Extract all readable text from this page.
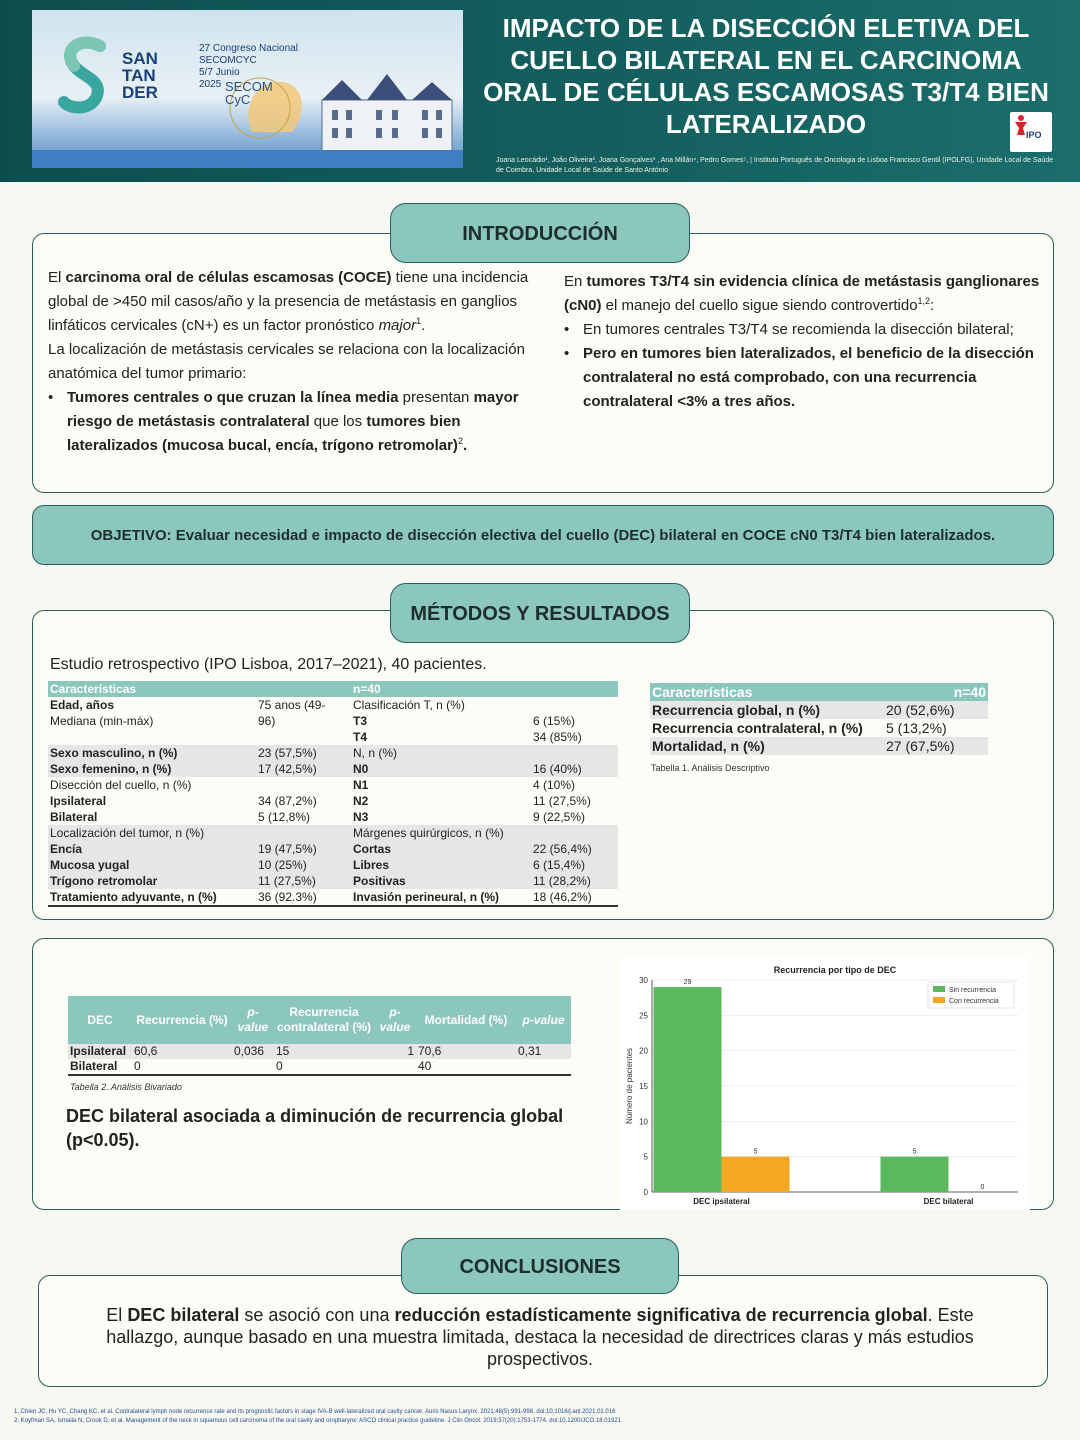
SAN
TAN
DER
27 Congreso Nacional
SECOMCYC
5/7 Junio
2025 SECOM
CyC
IMPACTO DE LA DISECCIÓN ELETIVA DEL CUELLO BILATERAL EN EL CARCINOMA ORAL DE CÉLULAS ESCAMOSAS T3/T4 BIEN LATERALIZADO	IPO
Joana Leocádio¹, João Oliveira², Joana Gonçalves³ , Ana Millán⁴, Pedro Gomes⁵, | Instituto Português de Oncologia de Lisboa Francisco Gentil (IPOLFG), Unidade Local de Saúde de Coimbra, Unidade Local de Saúde de Santo António
INTRODUCCIÓN

El carcinoma oral de células escamosas (COCE) tiene una incidencia global de >450 mil casos/año y la presencia de metástasis en ganglios linfáticos cervicales (cN+) es un factor pronóstico major$^1$.

La localización de metástasis cervicales se relaciona con la localización anatómica del tumor primario:

• Tumores centrales o que cruzan la línea media presentan mayor riesgo de metástasis contralateral que los tumores bien lateralizados (mucosa bucal, encía, trígono retromolar)$^2$.

En tumores T3/T4 sin evidencia clínica de metástasis ganglionares (cN0) el manejo del cuello sigue siendo controvertido$^{1,2}$:

• En tumores centrales T3/T4 se recomienda la disección bilateral;
• Pero en tumores bien lateralizados, el beneficio de la disección contralateral no está comprobado, con una recurrencia contralateral <3% a tres años.
OBJETIVO: Evaluar necesidad e impacto de disección electiva del cuello (DEC) bilateral en COCE cN0 T3/T4 bien lateralizados.
MÉTODOS Y RESULTADOS
Estudio retrospectivo (IPO Lisboa, 2017–2021), 40 pacientes.
Características		n=40	
Edad, años	75 anos (49-	Clasificación T, n (%)	
Mediana (min-máx)	96)	T3	6 (15%)
		T4	34 (85%)
Sexo masculino, n (%)	23 (57,5%)	N, n (%)	
Sexo femenino, n (%)	17 (42,5%)	N0	16 (40%)
Disección del cuello, n (%)		N1	4 (10%)
Ipsilateral	34 (87,2%)	N2	11 (27,5%)
Bilateral	5 (12,8%)	N3	9 (22,5%)
Localización del tumor, n (%)		Márgenes quirúrgicos, n (%)	
Encía	19 (47,5%)	Cortas	22 (56,4%)
Mucosa yugal	10 (25%)	Libres	6 (15,4%)
Trígono retromolar	11 (27,5%)	Positivas	11 (28,2%)
Tratamiento adyuvante, n (%)	36 (92.3%)	Invasión perineural, n (%)	18 (46,2%)
Características	n=40
Recurrencia global, n (%)	20 (52,6%)
Recurrencia contralateral, n (%)	5 (13,2%)
Mortalidad, n (%)	27 (67,5%)
Tabella 1. Análisis Descriptivo
DEC	Recurrencia (%)	p-value	Recurrencia contralateral (%)	p-value	Mortalidad (%)	p-value
Ipsilateral	60,6	0,036	15	1	70,6	0,31
Bilateral	0		0		40	
Tabella 2. Análisis Bivariado
DEC bilateral asociada a diminución de recurrencia global (p<0.05).
Recurrencia por tipo de DEC
0
5
10
15
20
25
30
Número de pacientes
29
5
DEC ipsilateral
5
0
DEC bilateral
Sin recurrencia
Con recurrencia
CONCLUSIONES
El DEC bilateral se asoció con una reducción estadísticamente significativa de recurrencia global. Este hallazgo, aunque basado en una muestra limitada, destaca la necesidad de directrices claras y más estudios prospectivos.
1. Chien JC, Hu YC, Chang KC, et al. Contralateral lymph node recurrence rate and its prognostic factors in stage IVA-B well-lateralized oral cavity cancer. Auris Nasus Larynx. 2021;48(5):991-998. doi:10.1016/j.anl.2021.01.016
2. Koyfman SA, Ismaila N, Crook D, et al. Management of the neck in squamous cell carcinoma of the oral cavity and oropharynx: ASCO clinical practice guideline. J Clin Oncol. 2019;37(20):1753-1774. doi:10.1200/JCO.18.01921
